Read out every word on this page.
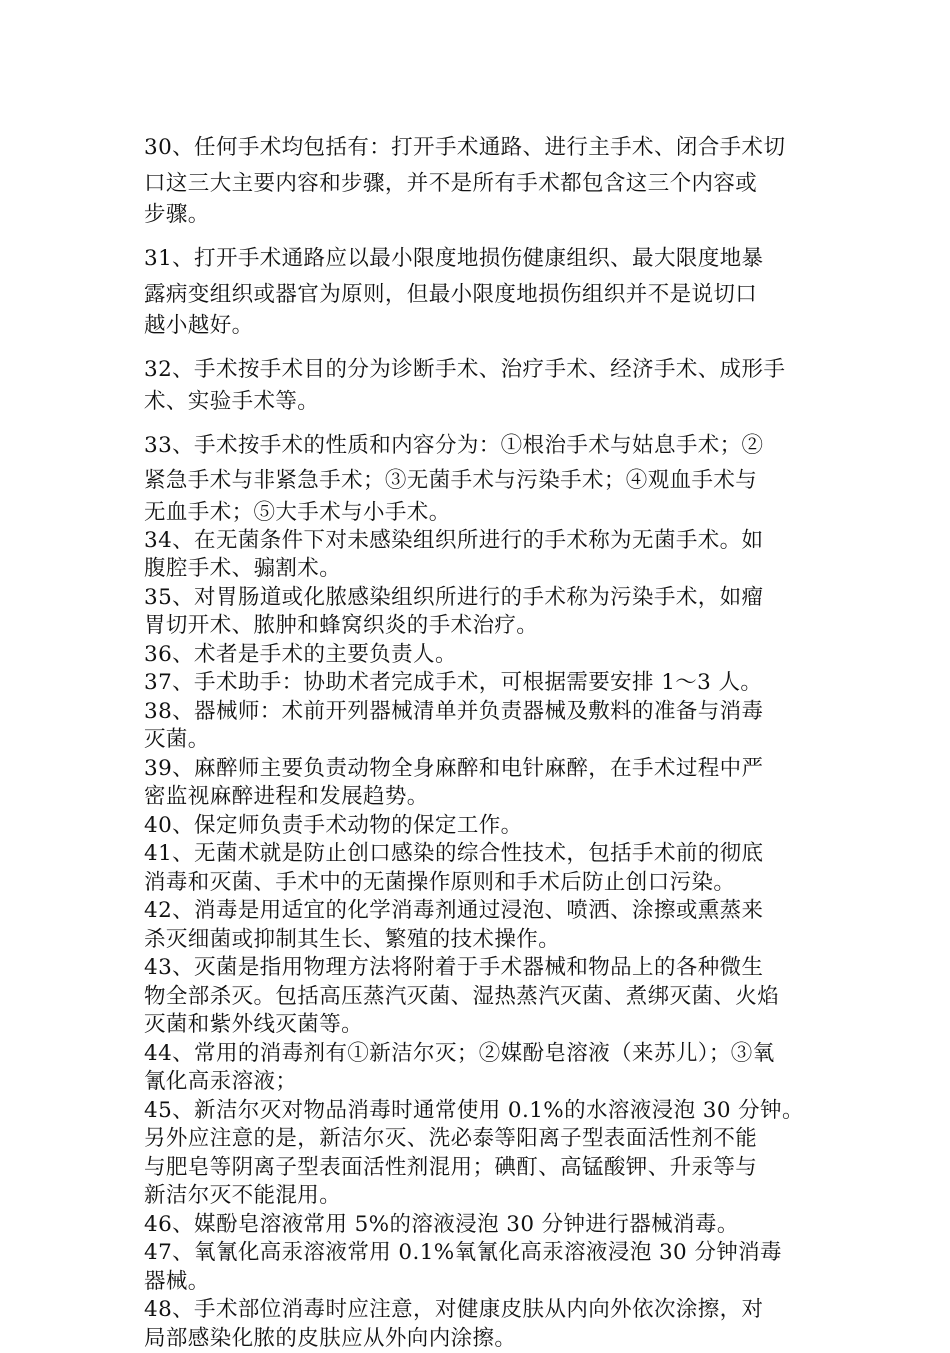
30、任何手术均包括有：打开手术通路、进行主手术、闭合手术切
口这三大主要内容和步骤，并不是所有手术都包含这三个内容或
步骤。

31、打开手术通路应以最小限度地损伤健康组织、最大限度地暴
露病变组织或器官为原则，但最小限度地损伤组织并不是说切口
越小越好。

32、手术按手术目的分为诊断手术、治疗手术、经济手术、成形手
术、实验手术等。

33、手术按手术的性质和内容分为：①根治手术与姑息手术；②
紧急手术与非紧急手术；③无菌手术与污染手术；④观血手术与
无血手术；⑤大手术与小手术。

34、在无菌条件下对未感染组织所进行的手术称为无菌手术。如
腹腔手术、骟割术。

35、对胃肠道或化脓感染组织所进行的手术称为污染手术，如瘤
胃切开术、脓肿和蜂窝织炎的手术治疗。

36、术者是手术的主要负责人。

37、手术助手：协助术者完成手术，可根据需要安排 1～3 人。

38、器械师：术前开列器械清单并负责器械及敷料的准备与消毒
灭菌。

39、麻醉师主要负责动物全身麻醉和电针麻醉，在手术过程中严
密监视麻醉进程和发展趋势。

40、保定师负责手术动物的保定工作。

41、无菌术就是防止创口感染的综合性技术，包括手术前的彻底
消毒和灭菌、手术中的无菌操作原则和手术后防止创口污染。

42、消毒是用适宜的化学消毒剂通过浸泡、喷洒、涂擦或熏蒸来
杀灭细菌或抑制其生长、繁殖的技术操作。

43、灭菌是指用物理方法将附着于手术器械和物品上的各种微生
物全部杀灭。包括高压蒸汽灭菌、湿热蒸汽灭菌、煮绑灭菌、火焰
灭菌和紫外线灭菌等。

44、常用的消毒剂有①新洁尔灭；②媒酚皂溶液（来苏儿）；③氧
氰化高汞溶液；

45、新洁尔灭对物品消毒时通常使用 0.1%的水溶液浸泡 30 分钟。
另外应注意的是，新洁尔灭、洗必泰等阳离子型表面活性剂不能
与肥皂等阴离子型表面活性剂混用；碘酊、高锰酸钾、升汞等与
新洁尔灭不能混用。

46、媒酚皂溶液常用 5%的溶液浸泡 30 分钟进行器械消毒。

47、氧氰化高汞溶液常用 0.1%氧氰化高汞溶液浸泡 30 分钟消毒
器械。

48、手术部位消毒时应注意，对健康皮肤从内向外依次涂擦，对
局部感染化脓的皮肤应从外向内涂擦。
